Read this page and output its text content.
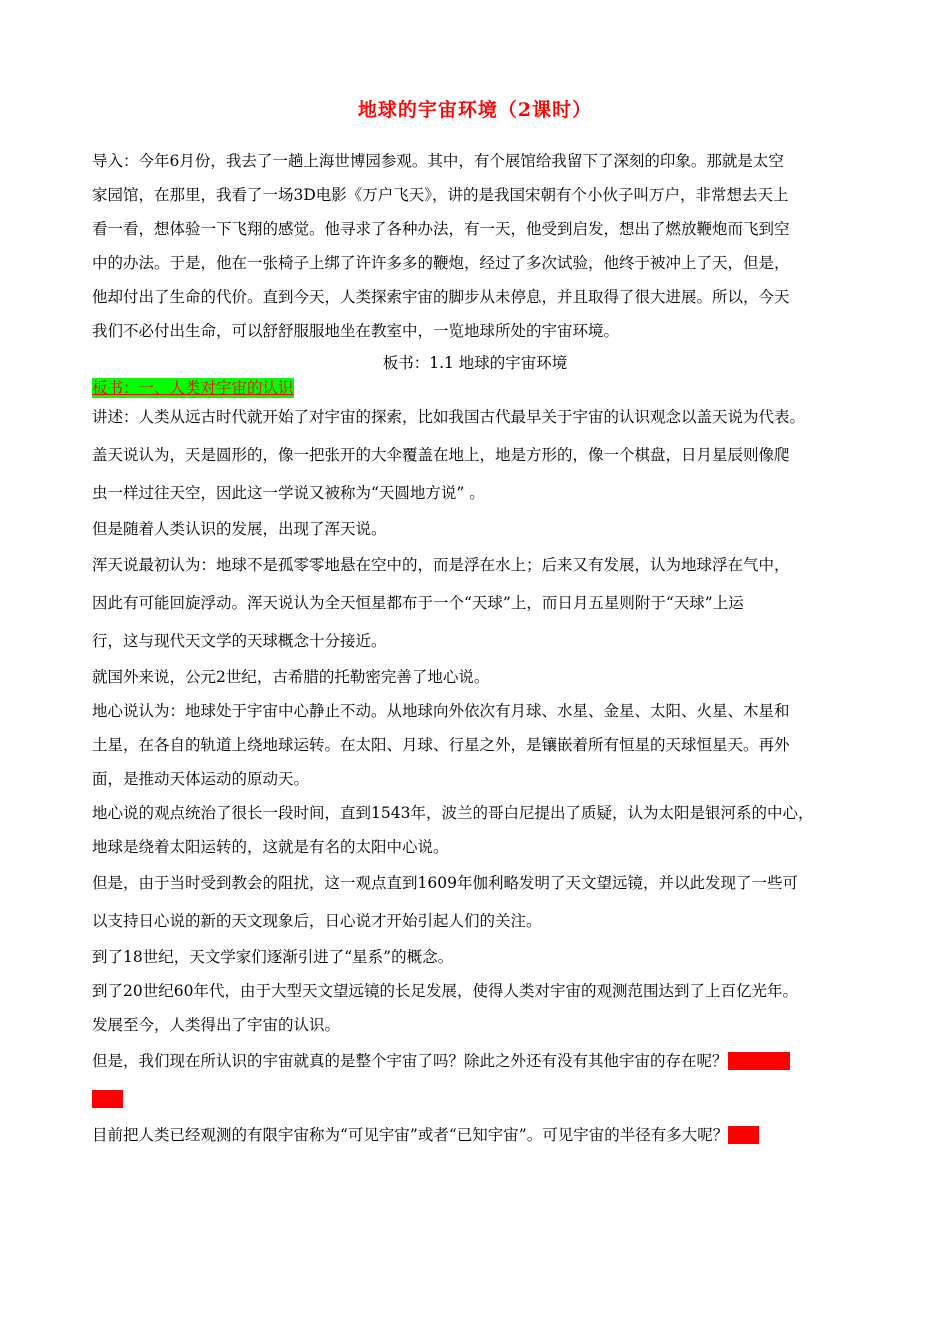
地球的宇宙环境（2课时）
导入：今年6月份，我去了一趟上海世博园参观。其中，有个展馆给我留下了深刻的印象。那就是太空
家园馆，在那里，我看了一场3D电影《万户飞天》，讲的是我国宋朝有个小伙子叫万户，非常想去天上
看一看，想体验一下飞翔的感觉。他寻求了各种办法，有一天，他受到启发，想出了燃放鞭炮而飞到空
中的办法。于是，他在一张椅子上绑了许许多多的鞭炮，经过了多次试验，他终于被冲上了天，但是，
他却付出了生命的代价。直到今天，人类探索宇宙的脚步从未停息，并且取得了很大进展。所以，今天
我们不必付出生命，可以舒舒服服地坐在教室中，一览地球所处的宇宙环境。

板书：1.1 地球的宇宙环境

板书：一、人类对宇宙的认识
讲述：人类从远古时代就开始了对宇宙的探索，比如我国古代最早关于宇宙的认识观念以盖天说为代表。
盖天说认为，天是圆形的，像一把张开的大伞覆盖在地上，地是方形的，像一个棋盘，日月星辰则像爬
虫一样过往天空，因此这一学说又被称为“天圆地方说” 。

但是随着人类认识的发展，出现了浑天说。

浑天说最初认为：地球不是孤零零地悬在空中的，而是浮在水上；后来又有发展，认为地球浮在气中，
因此有可能回旋浮动。浑天说认为全天恒星都布于一个“天球”上，而日月五星则附于“天球”上运
行，这与现代天文学的天球概念十分接近。

就国外来说，公元2世纪，古希腊的托勒密完善了地心说。

地心说认为：地球处于宇宙中心静止不动。从地球向外依次有月球、水星、金星、太阳、火星、木星和
土星，在各自的轨道上绕地球运转。在太阳、月球、行星之外，是镶嵌着所有恒星的天球恒星天。再外
面，是推动天体运动的原动天。
地心说的观点统治了很长一段时间，直到1543年，波兰的哥白尼提出了质疑，认为太阳是银河系的中心，
地球是绕着太阳运转的，这就是有名的太阳中心说。
但是，由于当时受到教会的阻扰，这一观点直到1609年伽利略发明了天文望远镜，并以此发现了一些可
以支持日心说的新的天文现象后，日心说才开始引起人们的关注。

到了18世纪，天文学家们逐渐引进了“星系”的概念。

到了20世纪60年代，由于大型天文望远镜的长足发展，使得人类对宇宙的观测范围达到了上百亿光年。

发展至今，人类得出了宇宙的认识。

但是，我们现在所认识的宇宙就真的是整个宇宙了吗？除此之外还有没有其他宇宙的存在呢？（学生发
言）
目前把人类已经观测的有限宇宙称为“可见宇宙”或者“已知宇宙”。可见宇宙的半径有多大呢？（学
